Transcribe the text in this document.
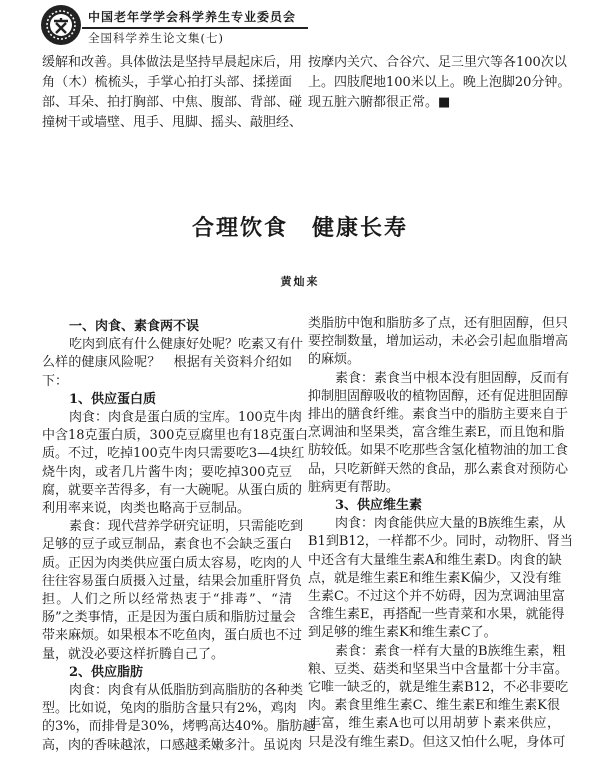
中国老年学学会科学养生专业委员会
全国科学养生论文集(七)
缓解和改善。具体做法是坚持早晨起床后，用
角（木）梳梳头，手掌心拍打头部、揉搓面
部、耳朵、拍打胸部、中焦、腹部、背部、碰
撞树干或墙壁、甩手、甩脚、摇头、敲胆经、
按摩内关穴、合谷穴、足三里穴等各100次以
上。四肢爬地100米以上。晚上泡脚20分钟。
现五脏六腑都很正常。■
合理饮食　健康长寿
黄灿来
一、肉食、素食两不误
吃肉到底有什么健康好处呢？吃素又有什
么样的健康风险呢？　根据有关资料介绍如
下：
1、供应蛋白质
肉食：肉食是蛋白质的宝库。100克牛肉
中含18克蛋白质，300克豆腐里也有18克蛋白
质。不过，吃掉100克牛肉只需要吃3—4块红
烧牛肉，或者几片酱牛肉；要吃掉300克豆
腐，就要辛苦得多，有一大碗呢。从蛋白质的
利用率来说，肉类也略高于豆制品。
素食：现代营养学研究证明，只需能吃到
足够的豆子或豆制品，素食也不会缺乏蛋白
质。正因为肉类供应蛋白质太容易，吃肉的人
往往容易蛋白质摄入过量，结果会加重肝肾负
担。人们之所以经常热衷于“排毒”、“清
肠”之类事情，正是因为蛋白质和脂肪过量会
带来麻烦。如果根本不吃鱼肉，蛋白质也不过
量，就没必要这样折腾自己了。
2、供应脂肪
肉食：肉食有从低脂肪到高脂肪的各种类
型。比如说，兔肉的脂肪含量只有2%，鸡肉
的3%，而排骨是30%，烤鸭高达40%。脂肪越
高，肉的香味越浓，口感越柔嫩多汁。虽说肉
类脂肪中饱和脂肪多了点，还有胆固醇，但只
要控制数量，增加运动，未必会引起血脂增高
的麻烦。
素食：素食当中根本没有胆固醇，反而有
抑制胆固醇吸收的植物固醇，还有促进胆固醇
排出的膳食纤维。素食当中的脂肪主要来自于
烹调油和坚果类，富含维生素E，而且饱和脂
肪较低。如果不吃那些含氢化植物油的加工食
品，只吃新鲜天然的食品，那么素食对预防心
脏病更有帮助。
3、供应维生素
肉食：肉食能供应大量的B族维生素，从
B1到B12，一样都不少。同时，动物肝、肾当
中还含有大量维生素A和维生素D。肉食的缺
点，就是维生素E和维生素K偏少，又没有维
生素C。不过这个并不妨碍，因为烹调油里富
含维生素E，再搭配一些青菜和水果，就能得
到足够的维生素K和维生素C了。
素食：素食一样有大量的B族维生素，粗
粮、豆类、菇类和坚果当中含量都十分丰富。
它唯一缺乏的，就是维生素B12，不必非要吃
肉。素食里维生素C、维生素E和维生素K很
丰富，维生素A也可以用胡萝卜素来供应，
只是没有维生素D。但这又怕什么呢，身体可
